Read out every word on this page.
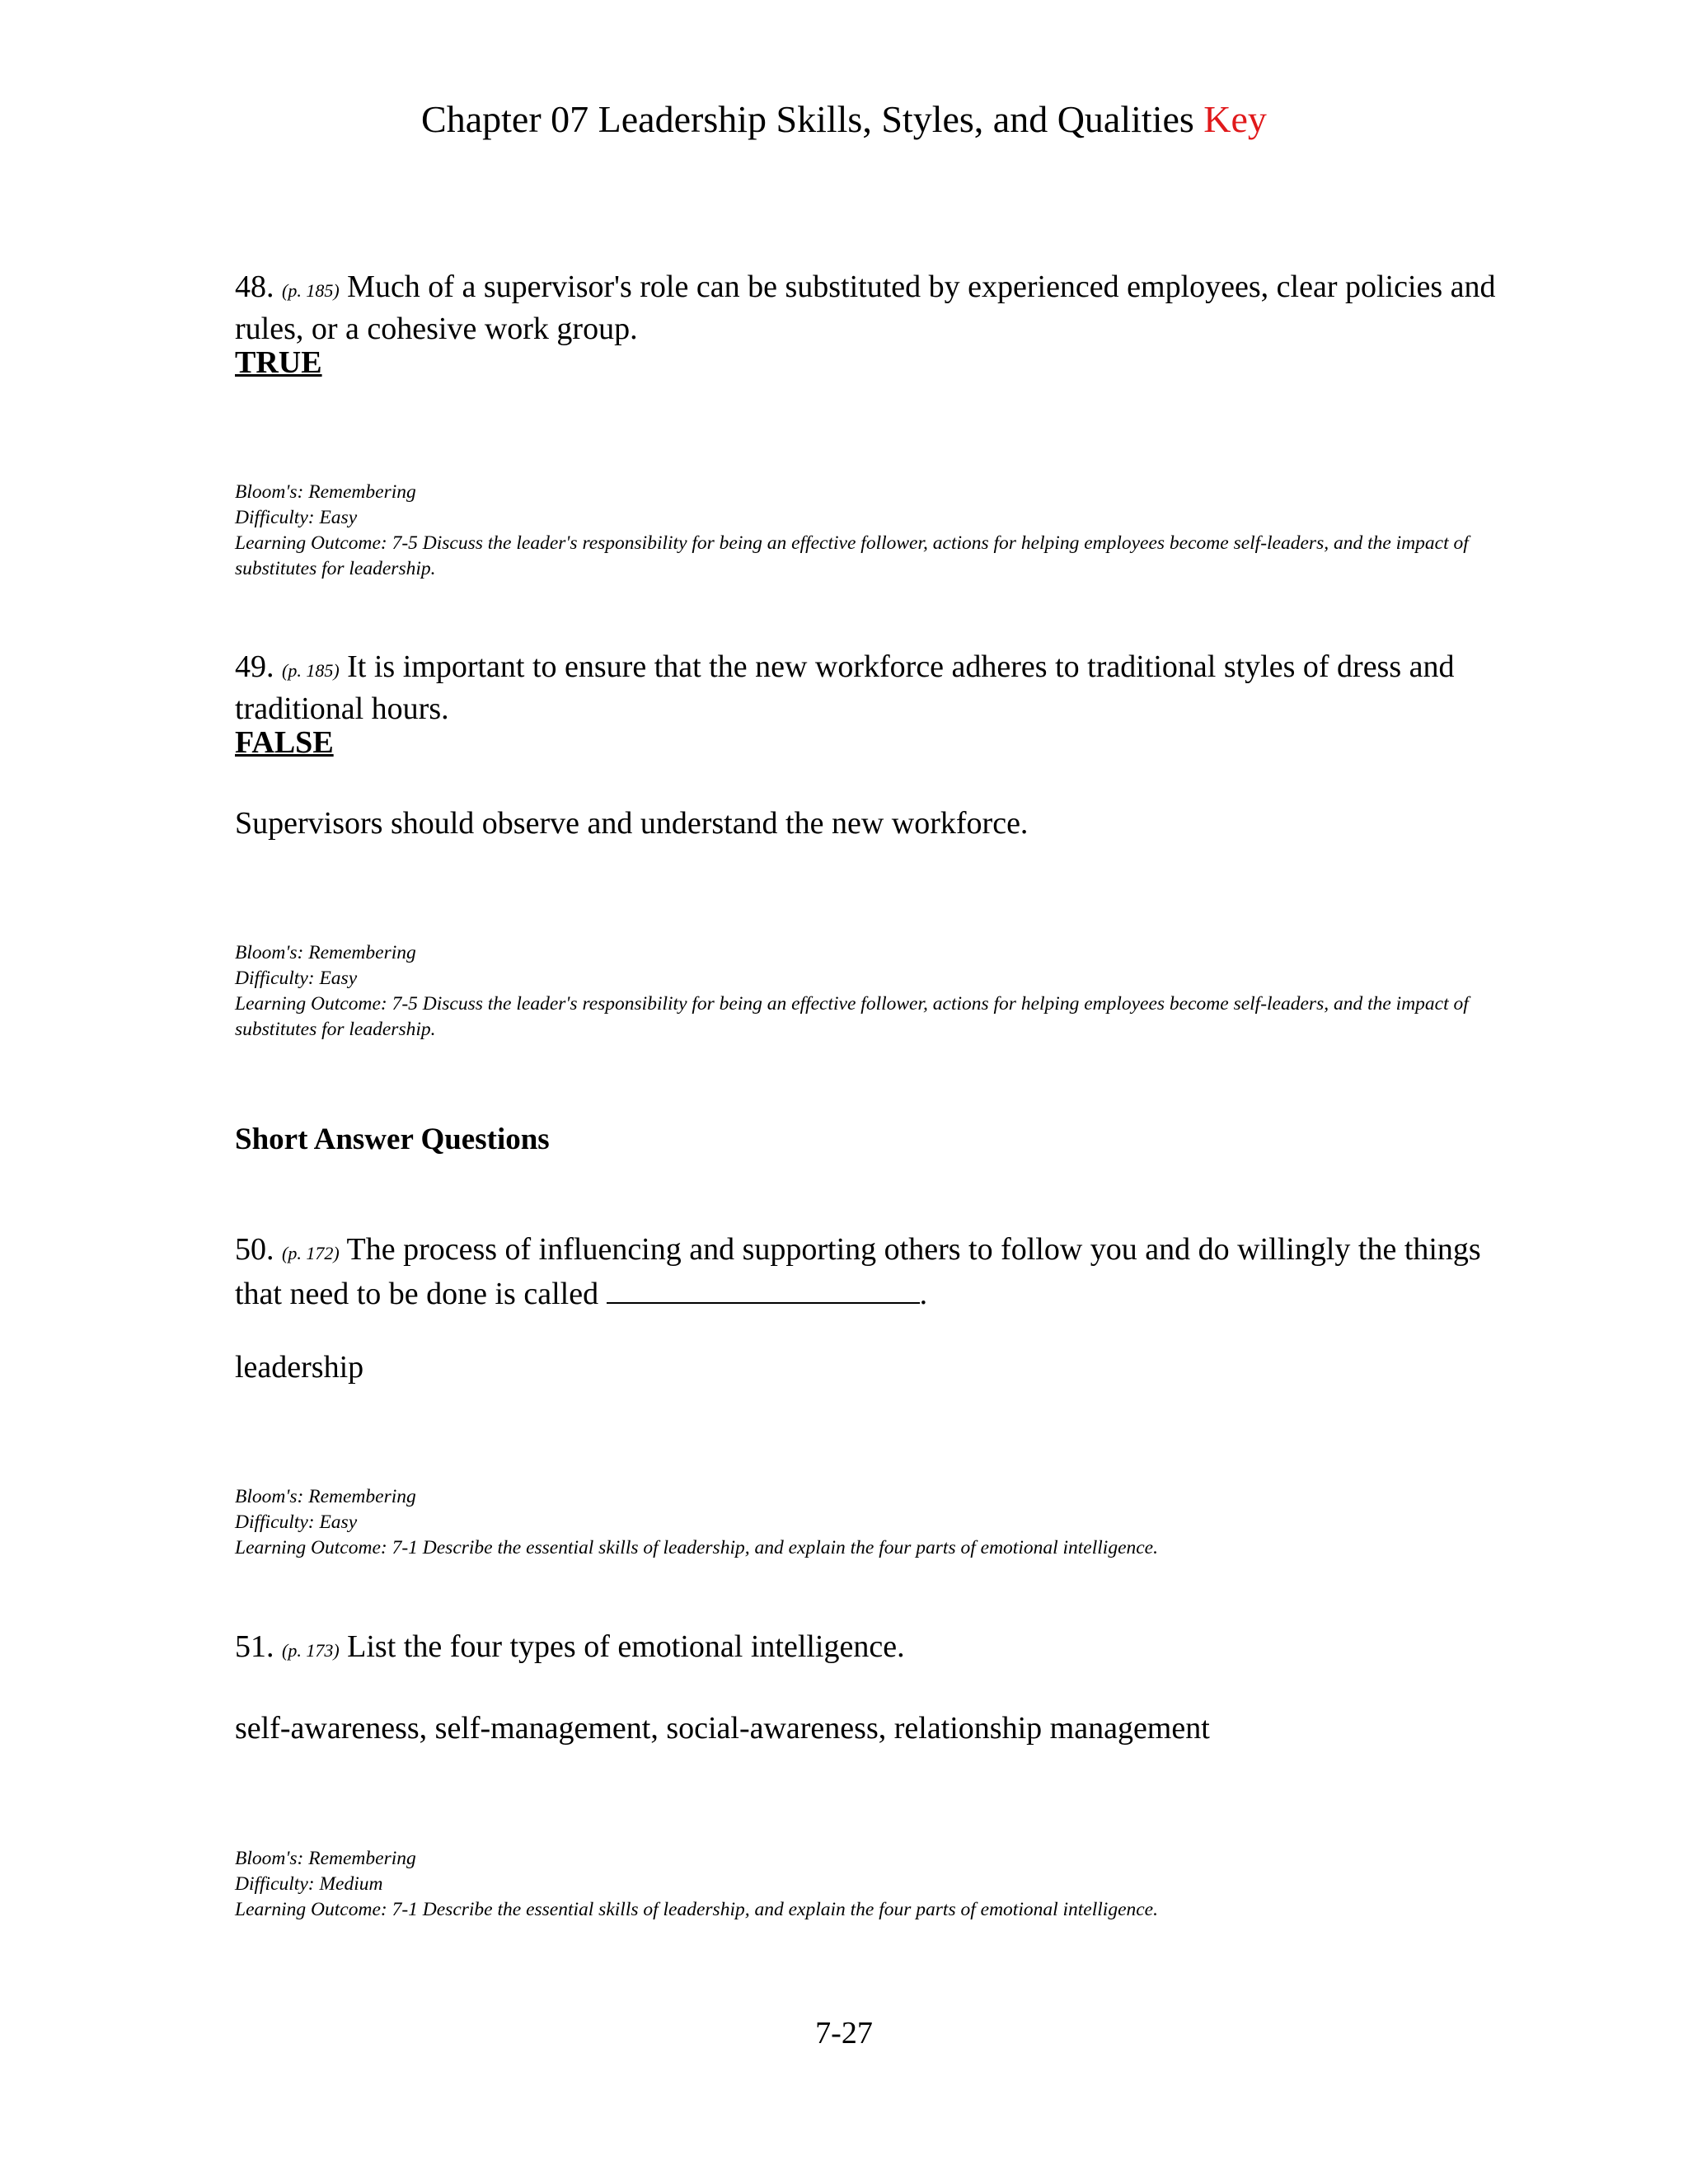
Chapter 07 Leadership Skills, Styles, and Qualities Key
48. (p. 185) Much of a supervisor's role can be substituted by experienced employees, clear policies and rules, or a cohesive work group.
TRUE
Bloom's: Remembering
Difficulty: Easy
Learning Outcome: 7-5 Discuss the leader's responsibility for being an effective follower, actions for helping employees become self-leaders, and the impact of substitutes for leadership.
49. (p. 185) It is important to ensure that the new workforce adheres to traditional styles of dress and traditional hours.
FALSE
Supervisors should observe and understand the new workforce.
Bloom's: Remembering
Difficulty: Easy
Learning Outcome: 7-5 Discuss the leader's responsibility for being an effective follower, actions for helping employees become self-leaders, and the impact of substitutes for leadership.
Short Answer Questions
50. (p. 172) The process of influencing and supporting others to follow you and do willingly the things that need to be done is called	.
leadership
Bloom's: Remembering
Difficulty: Easy
Learning Outcome: 7-1 Describe the essential skills of leadership, and explain the four parts of emotional intelligence.
51. (p. 173) List the four types of emotional intelligence.
self-awareness, self-management, social-awareness, relationship management
Bloom's: Remembering
Difficulty: Medium
Learning Outcome: 7-1 Describe the essential skills of leadership, and explain the four parts of emotional intelligence.
7-27
